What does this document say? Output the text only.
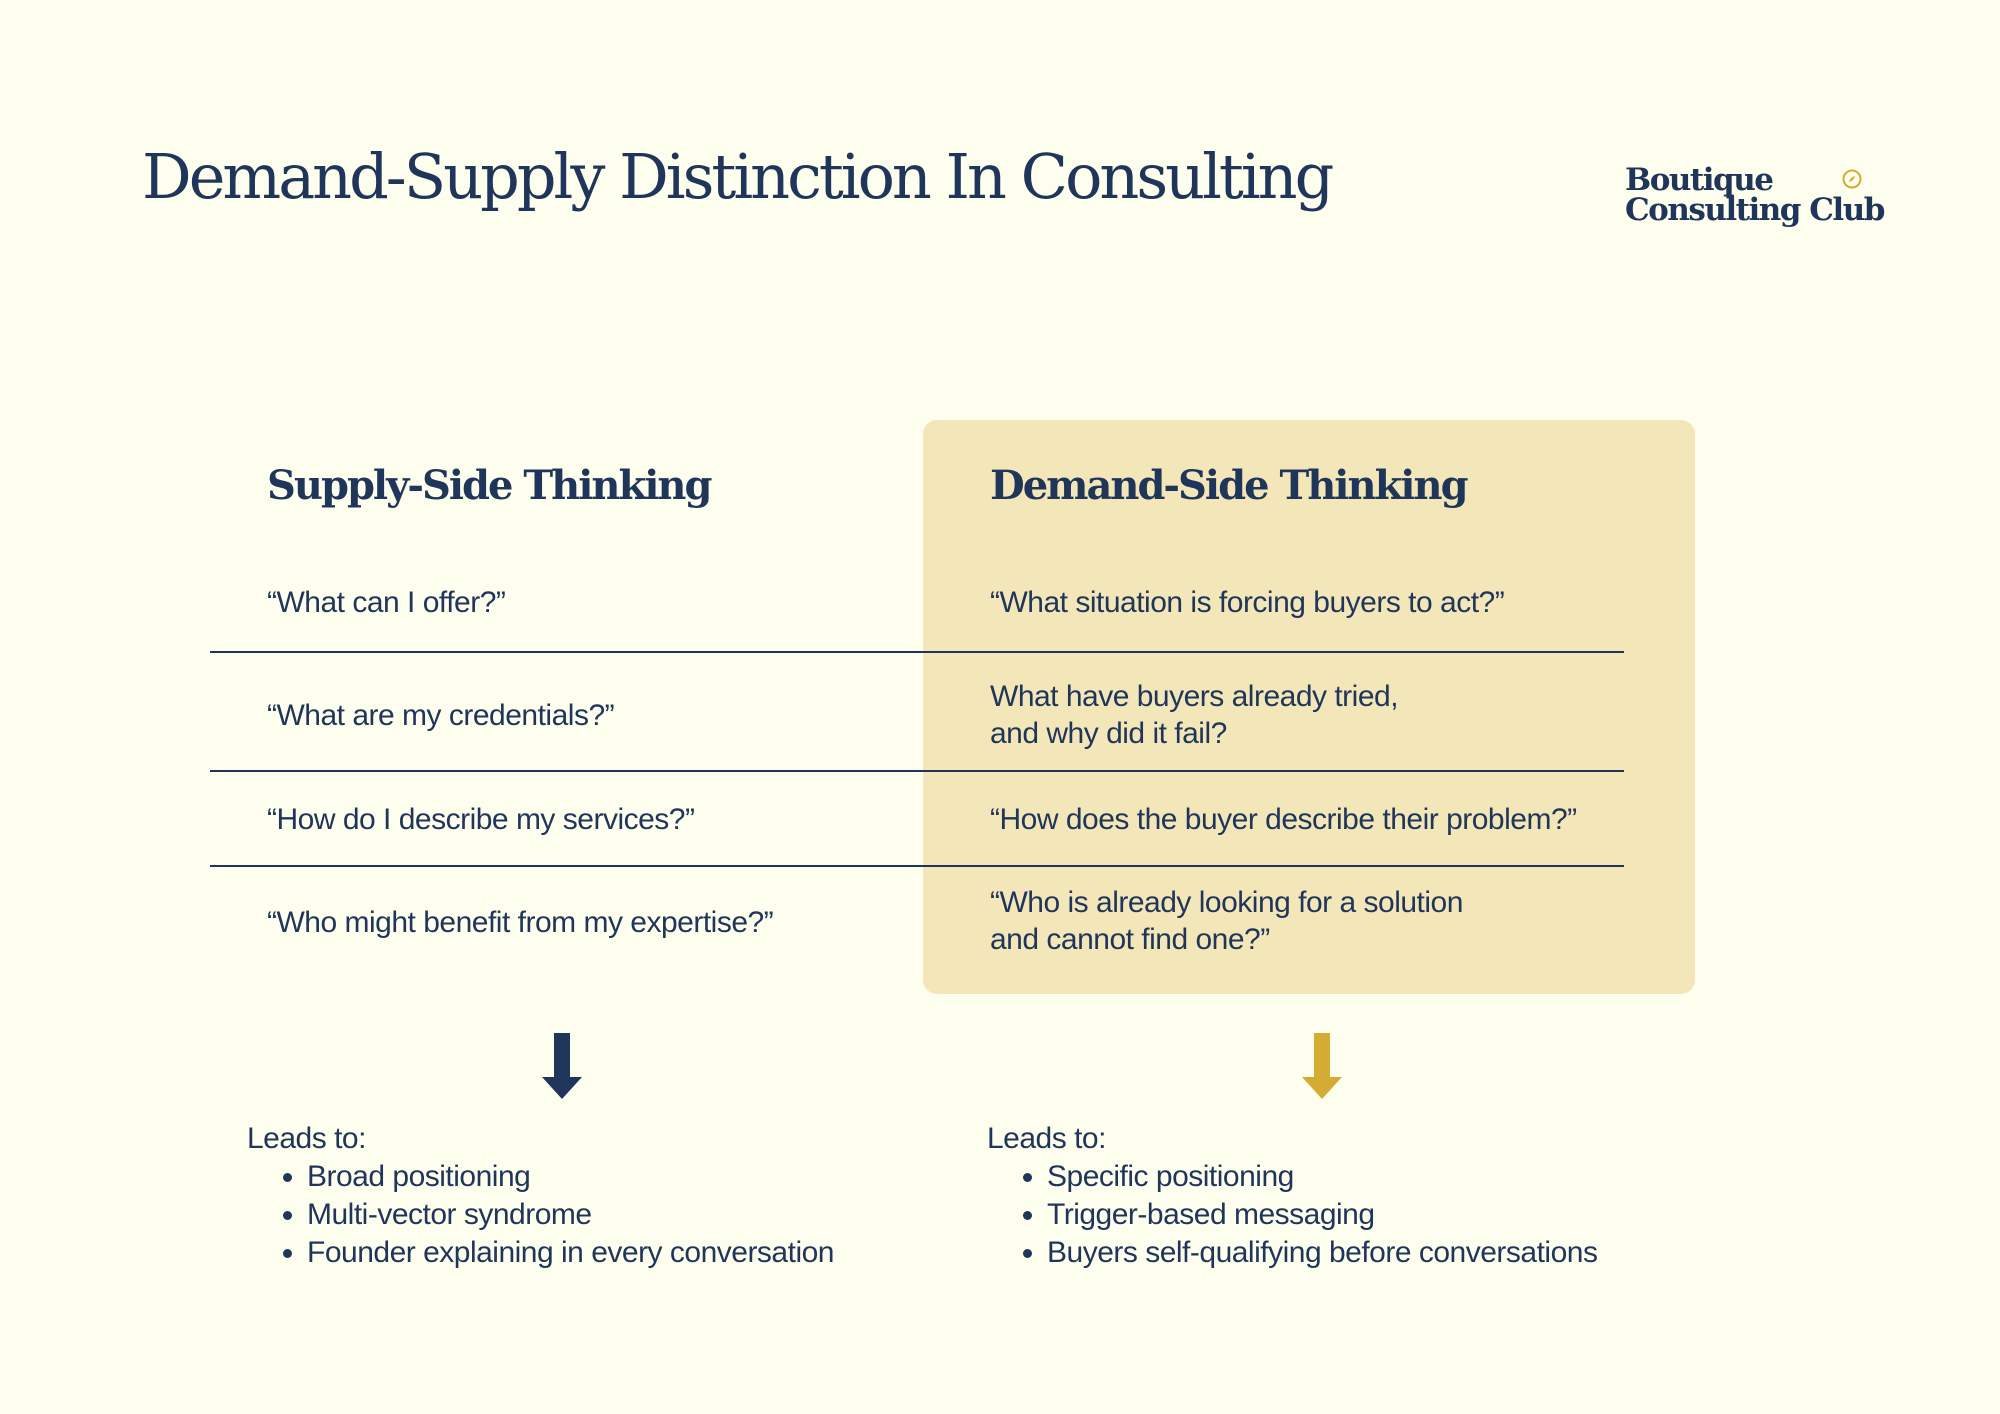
Demand-Supply Distinction In Consulting	Boutique
Consulting Club
Supply-Side Thinking	Demand-Side Thinking
“What can I offer?”
“What are my credentials?”
“How do I describe my services?”
“Who might benefit from my expertise?”
“What situation is forcing buyers to act?”
What have buyers already tried,
and why did it fail?
“How does the buyer describe their problem?”
“Who is already looking for a solution
and cannot find one?”
Leads to:
• Broad positioning
• Multi-vector syndrome
• Founder explaining in every conversation
Leads to:
• Specific positioning
• Trigger-based messaging
• Buyers self-qualifying before conversations
